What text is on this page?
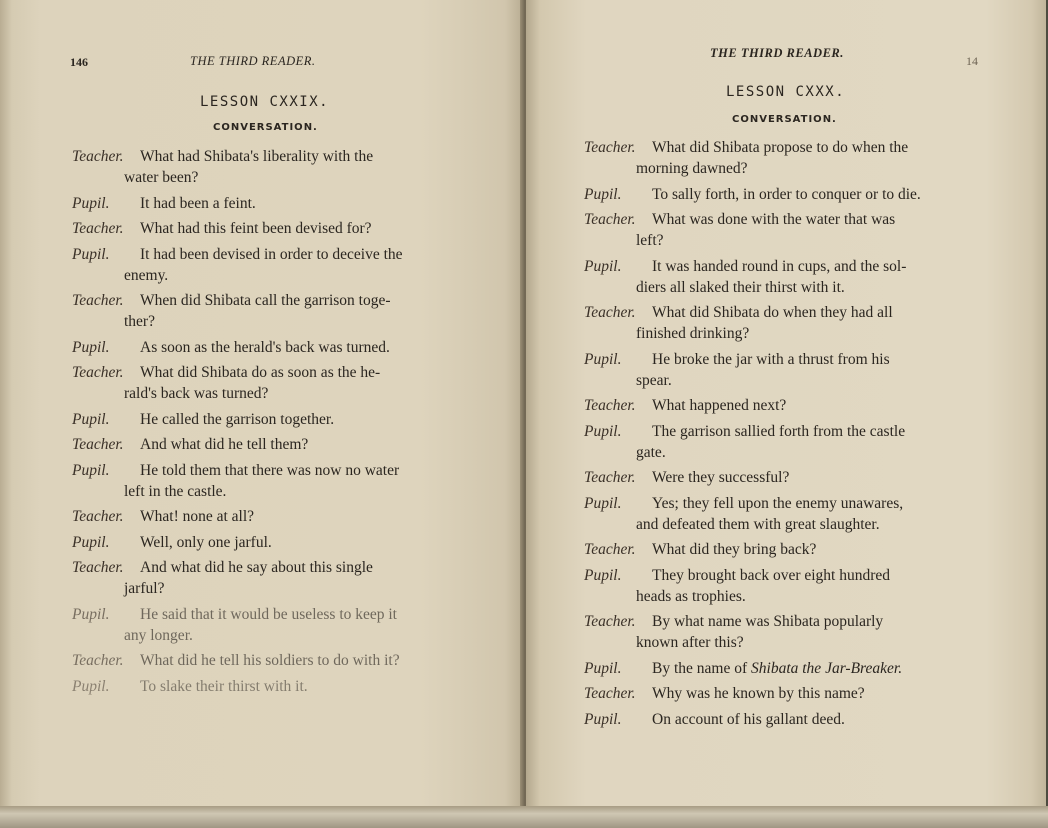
146	THE THIRD READER.
LESSON CXXIX.
CONVERSATION.

Teacher. What had Shibata's liberality with the
water been?

Pupil. It had been a feint.

Teacher. What had this feint been devised for?

Pupil. It had been devised in order to deceive the
enemy.

Teacher. When did Shibata call the garrison toge-
ther?

Pupil. As soon as the herald's back was turned.

Teacher. What did Shibata do as soon as the he-
rald's back was turned?

Pupil. He called the garrison together.

Teacher. And what did he tell them?

Pupil. He told them that there was now no water
left in the castle.

Teacher. What! none at all?

Pupil. Well, only one jarful.

Teacher. And what did he say about this single
jarful?

Pupil. He said that it would be useless to keep it
any longer.

Teacher. What did he tell his soldiers to do with it?

Pupil. To slake their thirst with it.

THE THIRD READER.
14
LESSON CXXX.
CONVERSATION.

Teacher. What did Shibata propose to do when the
morning dawned?

Pupil. To sally forth, in order to conquer or to die.

Teacher. What was done with the water that was
left?

Pupil. It was handed round in cups, and the sol-
diers all slaked their thirst with it.

Teacher. What did Shibata do when they had all
finished drinking?

Pupil. He broke the jar with a thrust from his
spear.

Teacher. What happened next?

Pupil. The garrison sallied forth from the castle
gate.

Teacher. Were they successful?

Pupil. Yes; they fell upon the enemy unawares,
and defeated them with great slaughter.

Teacher. What did they bring back?

Pupil. They brought back over eight hundred
heads as trophies.

Teacher. By what name was Shibata popularly
known after this?

Pupil. By the name of Shibata the Jar-Breaker.

Teacher. Why was he known by this name?

Pupil. On account of his gallant deed.
